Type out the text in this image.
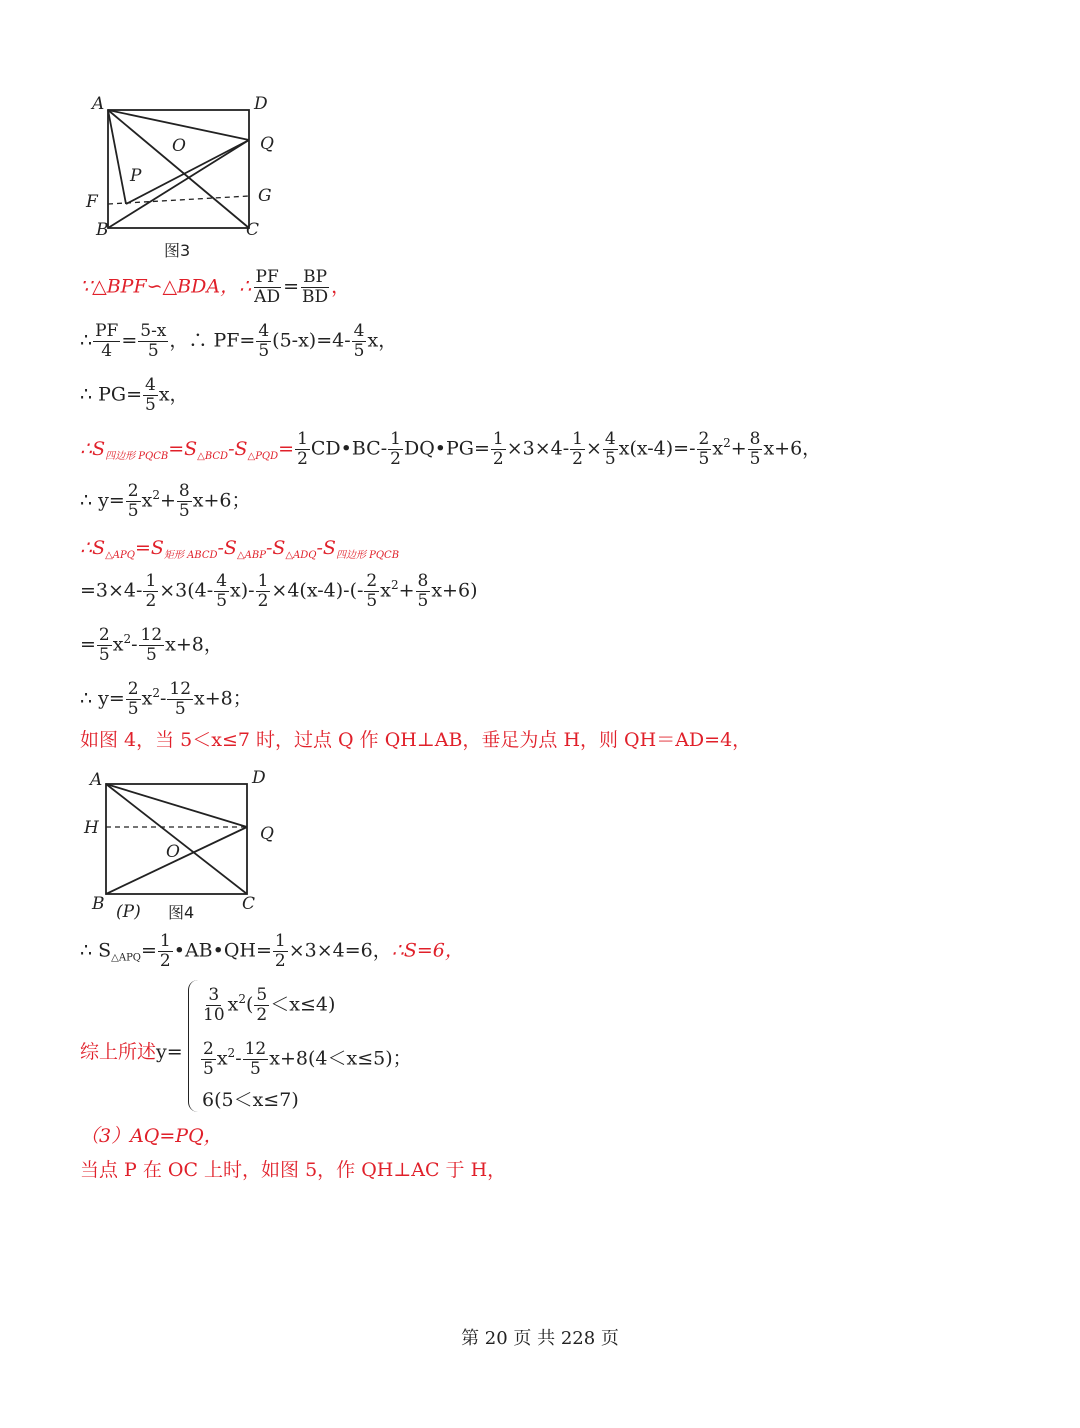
A	D
O	Q
P
F	G
B	C
图3
∵△BPF∽△BDA，∴ $\frac{PF}{AD} = \frac{BP}{BD}$ ，
∴ $\frac{PF}{4} = \frac{5-x}{5}$ ，∴ $PF= \frac{4}{5} (5-x)=4- \frac{4}{5}$ x，
∴ $PG= \frac{4}{5}$ x，
$\therefore S_{四边形 PQCB}=S_{\triangle BCD}-S_{\triangle PQD}= \frac{1}{2}$ CD•BC- $\frac{1}{2}$ DQ•PG= $\frac{1}{2} \times 3\times 4- \frac{1}{2} \times \frac{4}{5} x(x-4)=- \frac{2}{5} x^2+ \frac{8}{5} x+6$，
∴ $y= \frac{2}{5} x^2+ \frac{8}{5} x+6$；
$\therefore S_{\triangle APQ}=S_{矩形 ABCD}-S_{\triangle ABP}-S_{\triangle ADQ}-S_{四边形 PQCB}$
$=3\times 4- \frac{1}{2} \times 3(4- \frac{4}{5} x)- \frac{1}{2} \times 4(x-4)-(- \frac{2}{5} x^2+ \frac{8}{5} x+6)$
= $\frac{2}{5} x^2- \frac{12}{5} x+8$，
∴ $y= \frac{2}{5} x^2- \frac{12}{5} x+8$；
如图 4，当 5＜x≤7 时，过点 Q 作 QH⊥AB，垂足为点 H，则 QH＝AD=4，
A	D
H	Q
O
B (P)	C
图4
∴ $S_{\triangle APQ}= \frac{1}{2}$ •AB•QH= $\frac{1}{2} \times 3\times 4=6$，∴S=6，
综上所述y=
$\frac{3}{10} x^2( \frac{5}{2} <x\le 4)$
$\frac{2}{5} x^2- \frac{12}{5} x+8(4<x\le 5)$；
6(5＜x≤7)
（3）AQ=PQ，
当点 P 在 OC 上时，如图 5，作 QH⊥AC 于 H，
第 20 页 共 228 页
